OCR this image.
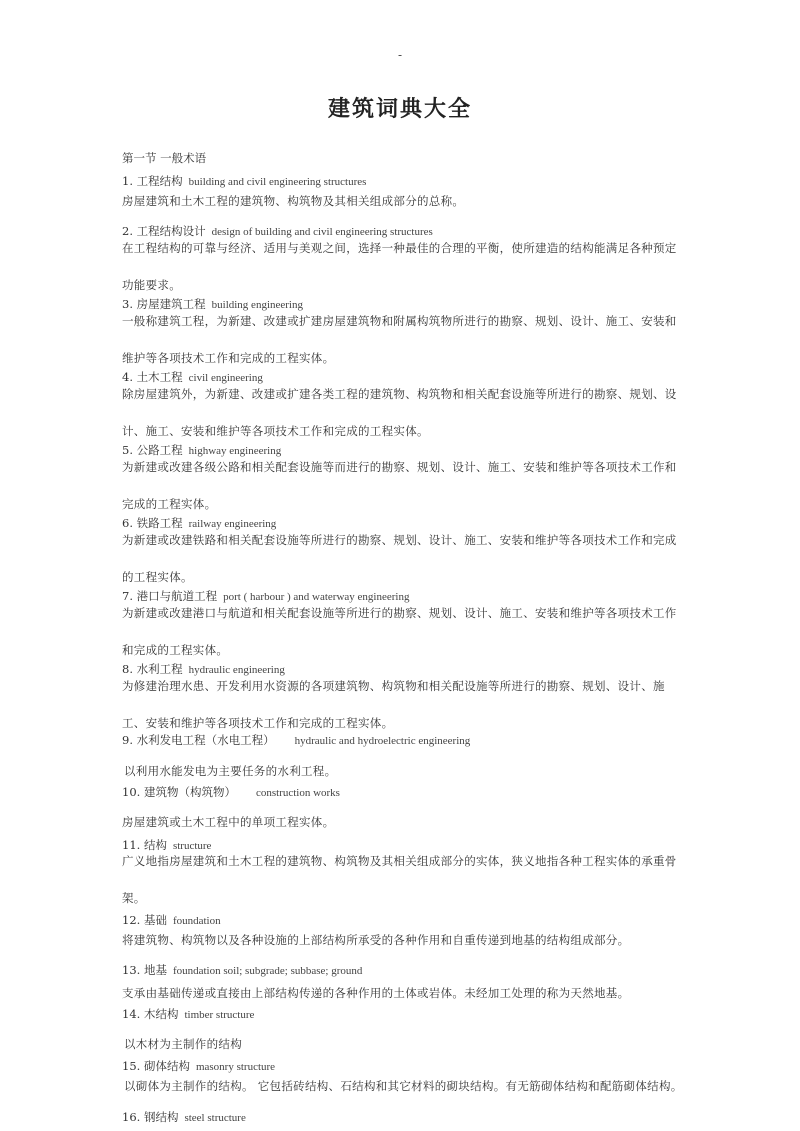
-
建筑词典大全
第一节 一般术语
1. 工程结构 building and civil engineering structures
房屋建筑和土木工程的建筑物、构筑物及其相关组成部分的总称。
2. 工程结构设计 design of building and civil engineering structures
在工程结构的可靠与经济、适用与美观之间，选择一种最佳的合理的平衡，使所建造的结构能满足各种预定功能要求。
3. 房屋建筑工程 building engineering
一般称建筑工程，为新建、改建或扩建房屋建筑物和附属构筑物所进行的勘察、规划、设计、施工、安装和维护等各项技术工作和完成的工程实体。
4. 土木工程 civil engineering
除房屋建筑外，为新建、改建或扩建各类工程的建筑物、构筑物和相关配套设施等所进行的勘察、规划、设计、施工、安装和维护等各项技术工作和完成的工程实体。
5. 公路工程 highway engineering
为新建或改建各级公路和相关配套设施等而进行的勘察、规划、设计、施工、安装和维护等各项技术工作和完成的工程实体。
6. 铁路工程 railway engineering
为新建或改建铁路和相关配套设施等所进行的勘察、规划、设计、施工、安装和维护等各项技术工作和完成的工程实体。
7. 港口与航道工程 port ( harbour ) and waterway engineering
为新建或改建港口与航道和相关配套设施等所进行的勘察、规划、设计、施工、安装和维护等各项技术工作和完成的工程实体。
8. 水利工程 hydraulic engineering
为修建治理水患、开发利用水资源的各项建筑物、构筑物和相关配设施等所进行的勘察、规划、设计、施工、安装和维护等各项技术工作和完成的工程实体。
9. 水利发电工程（水电工程） hydraulic and hydroelectric engineering
以利用水能发电为主要任务的水利工程。
10. 建筑物（构筑物） construction works
房屋建筑或土木工程中的单项工程实体。
11. 结构 structure
广义地指房屋建筑和土木工程的建筑物、构筑物及其相关组成部分的实体，狭义地指各种工程实体的承重骨架。
12. 基础 foundation
将建筑物、构筑物以及各种设施的上部结构所承受的各种作用和自重传递到地基的结构组成部分。
13. 地基 foundation soil; subgrade; subbase; ground
支承由基础传递或直接由上部结构传递的各种作用的土体或岩体。未经加工处理的称为天然地基。
14. 木结构 timber structure
以木材为主制作的结构
15. 砌体结构 masonry structure
以砌体为主制作的结构。 它包括砖结构、石结构和其它材料的砌块结构。有无筋砌体结构和配筋砌体结构。
16. 钢结构 steel structure
